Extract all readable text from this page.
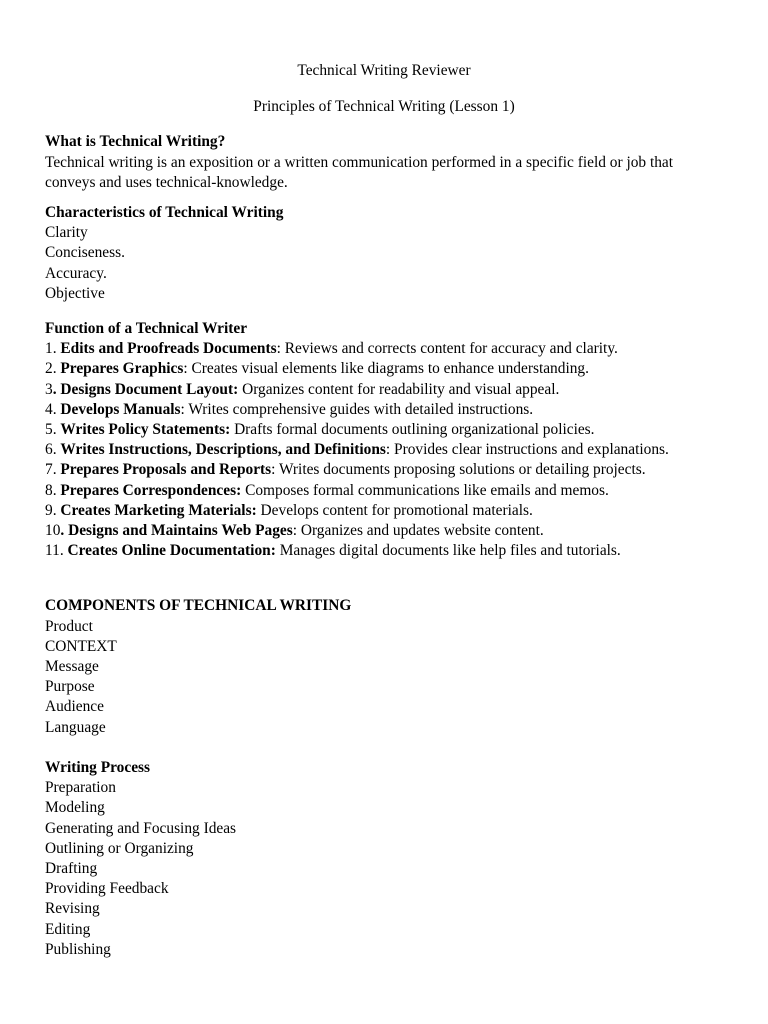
Technical Writing Reviewer

Principles of Technical Writing (Lesson 1)

What is Technical Writing?

Technical writing is an exposition or a written communication performed in a specific field or job that conveys and uses technical-knowledge.

Characteristics of Technical Writing

Clarity

Conciseness.

Accuracy.

Objective

Function of a Technical Writer

1. Edits and Proofreads Documents: Reviews and corrects content for accuracy and clarity.

2. Prepares Graphics: Creates visual elements like diagrams to enhance understanding.

3. Designs Document Layout: Organizes content for readability and visual appeal.

4. Develops Manuals: Writes comprehensive guides with detailed instructions.

5. Writes Policy Statements: Drafts formal documents outlining organizational policies.

6. Writes Instructions, Descriptions, and Definitions: Provides clear instructions and explanations.

7. Prepares Proposals and Reports: Writes documents proposing solutions or detailing projects.

8. Prepares Correspondences: Composes formal communications like emails and memos.

9. Creates Marketing Materials: Develops content for promotional materials.

10. Designs and Maintains Web Pages: Organizes and updates website content.

11. Creates Online Documentation: Manages digital documents like help files and tutorials.

COMPONENTS OF TECHNICAL WRITING

Product

CONTEXT

Message

Purpose

Audience

Language

Writing Process

Preparation

Modeling

Generating and Focusing Ideas

Outlining or Organizing

Drafting

Providing Feedback

Revising

Editing

Publishing
